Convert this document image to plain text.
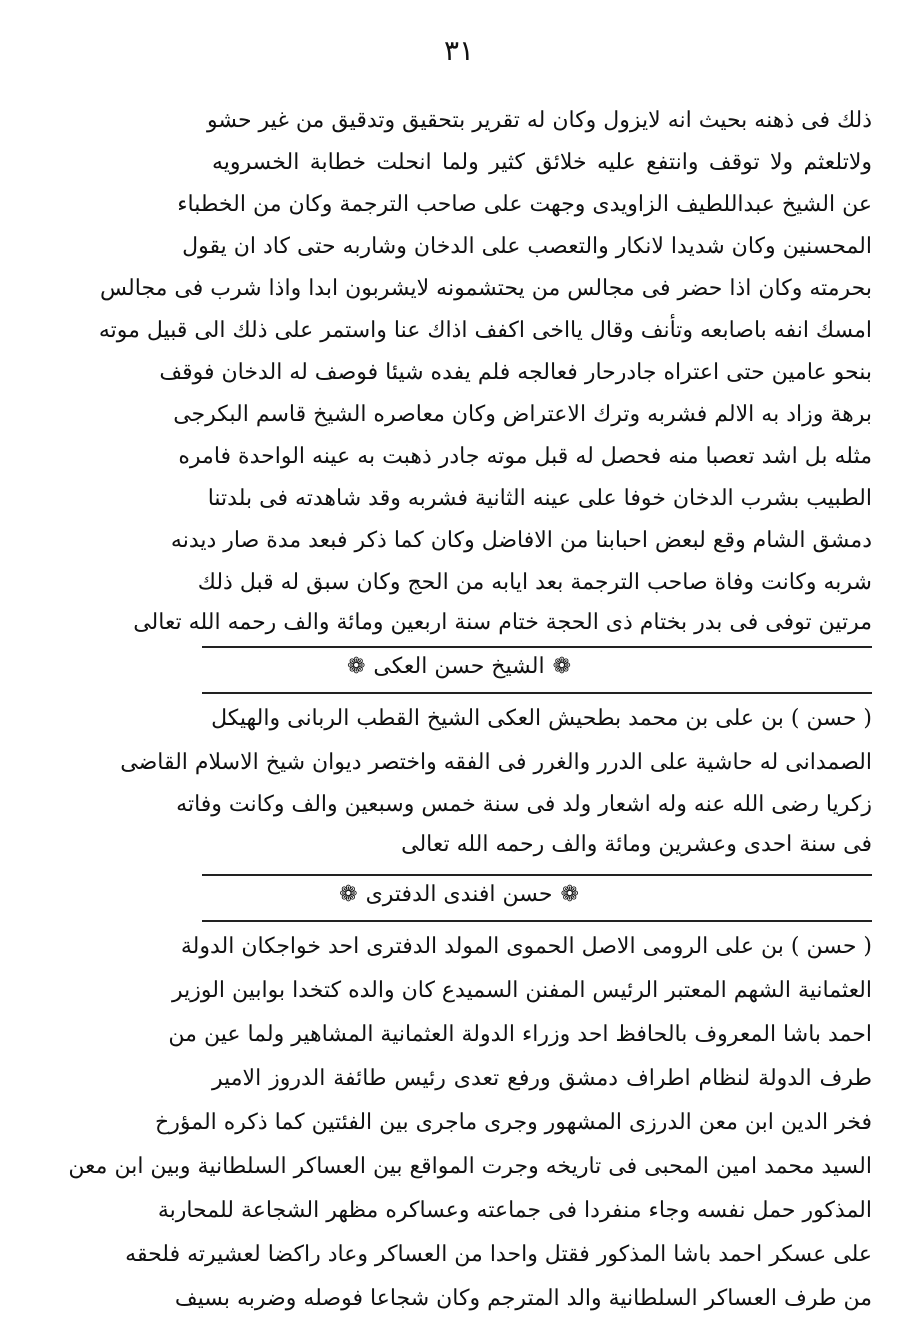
٣١
ذلك فى ذهنه بحيث انه لايزول وكان له تقرير بتحقيق وتدقيق من غير حشو
ولاتلعثم ولا توقف وانتفع عليه خلائق كثير ولما انحلت خطابة الخسرويه
عن الشيخ عبداللطيف الزاويدى وجهت على صاحب الترجمة وكان من الخطباء
المحسنين وكان شديدا لانكار والتعصب على الدخان وشاربه حتى كاد ان يقول
بحرمته وكان اذا حضر فى مجالس من يحتشمونه لايشربون ابدا واذا شرب فى مجالس
امسك انفه باصابعه وتأنف وقال يااخى اكفف اذاك عنا واستمر على ذلك الى قبيل موته
بنحو عامين حتى اعتراه جادرحار فعالجه فلم يفده شيئا فوصف له الدخان فوقف
برهة وزاد به الالم فشربه وترك الاعتراض وكان معاصره الشيخ قاسم البكرجى
مثله بل اشد تعصبا منه فحصل له قبل موته جادر ذهبت به عينه الواحدة فامره
الطبيب بشرب الدخان خوفا على عينه الثانية فشربه وقد شاهدته فى بلدتنا
دمشق الشام وقع لبعض احبابنا من الافاضل وكان كما ذكر فبعد مدة صار ديدنه
شربه وكانت وفاة صاحب الترجمة بعد ايابه من الحج وكان سبق له قبل ذلك
مرتين توفى فى بدر بختام ذى الحجة ختام سنة اربعين ومائة والف رحمه الله تعالى
❁الشيخ حسن العكى❁
( حسن ) بن على بن محمد بطحيش العكى الشيخ القطب الربانى والهيكل
الصمدانى له حاشية على الدرر والغرر فى الفقه واختصر ديوان شيخ الاسلام القاضى
زكريا رضى الله عنه وله اشعار ولد فى سنة خمس وسبعين والف وكانت وفاته
فى سنة احدى وعشرين ومائة والف رحمه الله تعالى
❁حسن افندى الدفترى❁
( حسن ) بن على الرومى الاصل الحموى المولد الدفترى احد خواجكان الدولة
العثمانية الشهم المعتبر الرئيس المفنن السميدع كان والده كتخدا بوابين الوزير
احمد باشا المعروف بالحافظ احد وزراء الدولة العثمانية المشاهير ولما عين من
طرف الدولة لنظام اطراف دمشق ورفع تعدى رئيس طائفة الدروز الامير
فخر الدين ابن معن الدرزى المشهور وجرى ماجرى بين الفئتين كما ذكره المؤرخ
السيد محمد امين المحبى فى تاريخه وجرت المواقع بين العساكر السلطانية وبين ابن معن
المذكور حمل نفسه وجاء منفردا فى جماعته وعساكره مظهر الشجاعة للمحاربة
على عسكر احمد باشا المذكور فقتل واحدا من العساكر وعاد راكضا لعشيرته فلحقه
من طرف العساكر السلطانية والد المترجم وكان شجاعا فوصله وضربه بسيف
